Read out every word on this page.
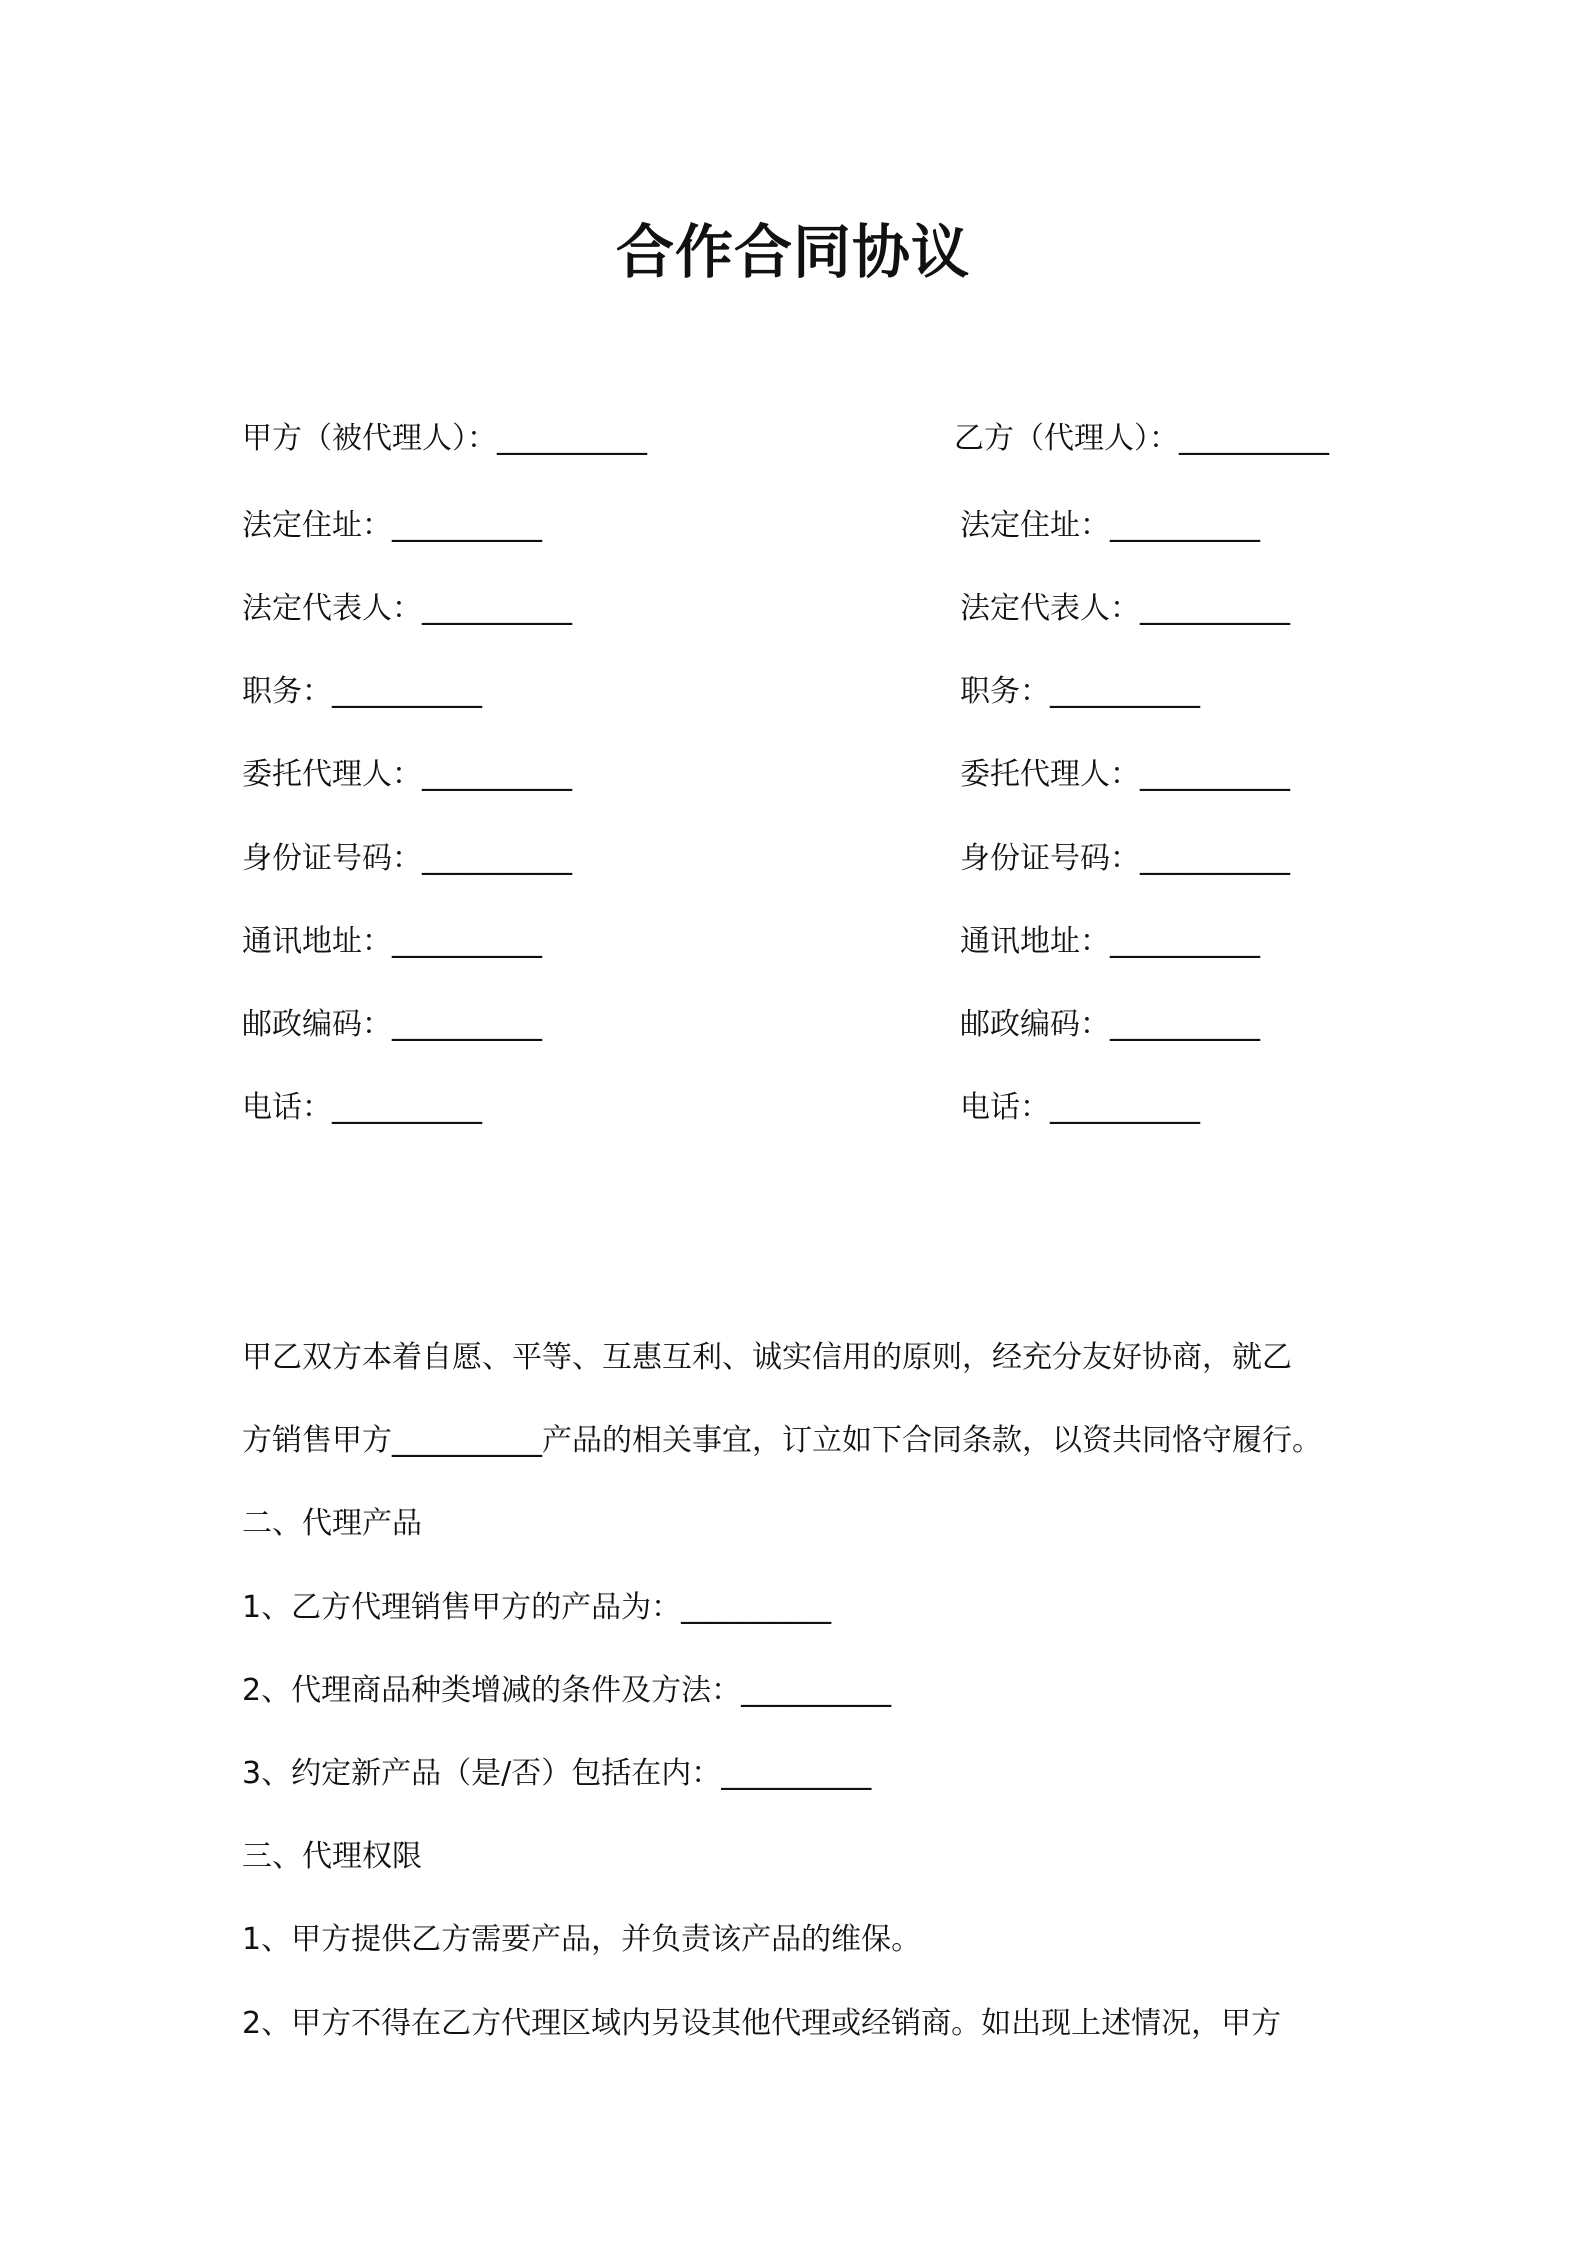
合作合同协议
甲方（被代理人）：__________
法定住址：__________
法定代表人：__________
职务：__________
委托代理人：__________
身份证号码：__________
通讯地址：__________
邮政编码：__________
电话：__________
乙方（代理人）：__________
法定住址：__________
法定代表人：__________
职务：__________
委托代理人：__________
身份证号码：__________
通讯地址：__________
邮政编码：__________
电话：__________
甲乙双方本着自愿、平等、互惠互利、诚实信用的原则，经充分友好协商，就乙
方销售甲方__________产品的相关事宜，订立如下合同条款，以资共同恪守履行。
二、代理产品
1、乙方代理销售甲方的产品为：__________
2、代理商品种类增减的条件及方法：__________
3、约定新产品（是/否）包括在内：__________
三、代理权限
1、甲方提供乙方需要产品，并负责该产品的维保。
2、甲方不得在乙方代理区域内另设其他代理或经销商。如出现上述情况，甲方
